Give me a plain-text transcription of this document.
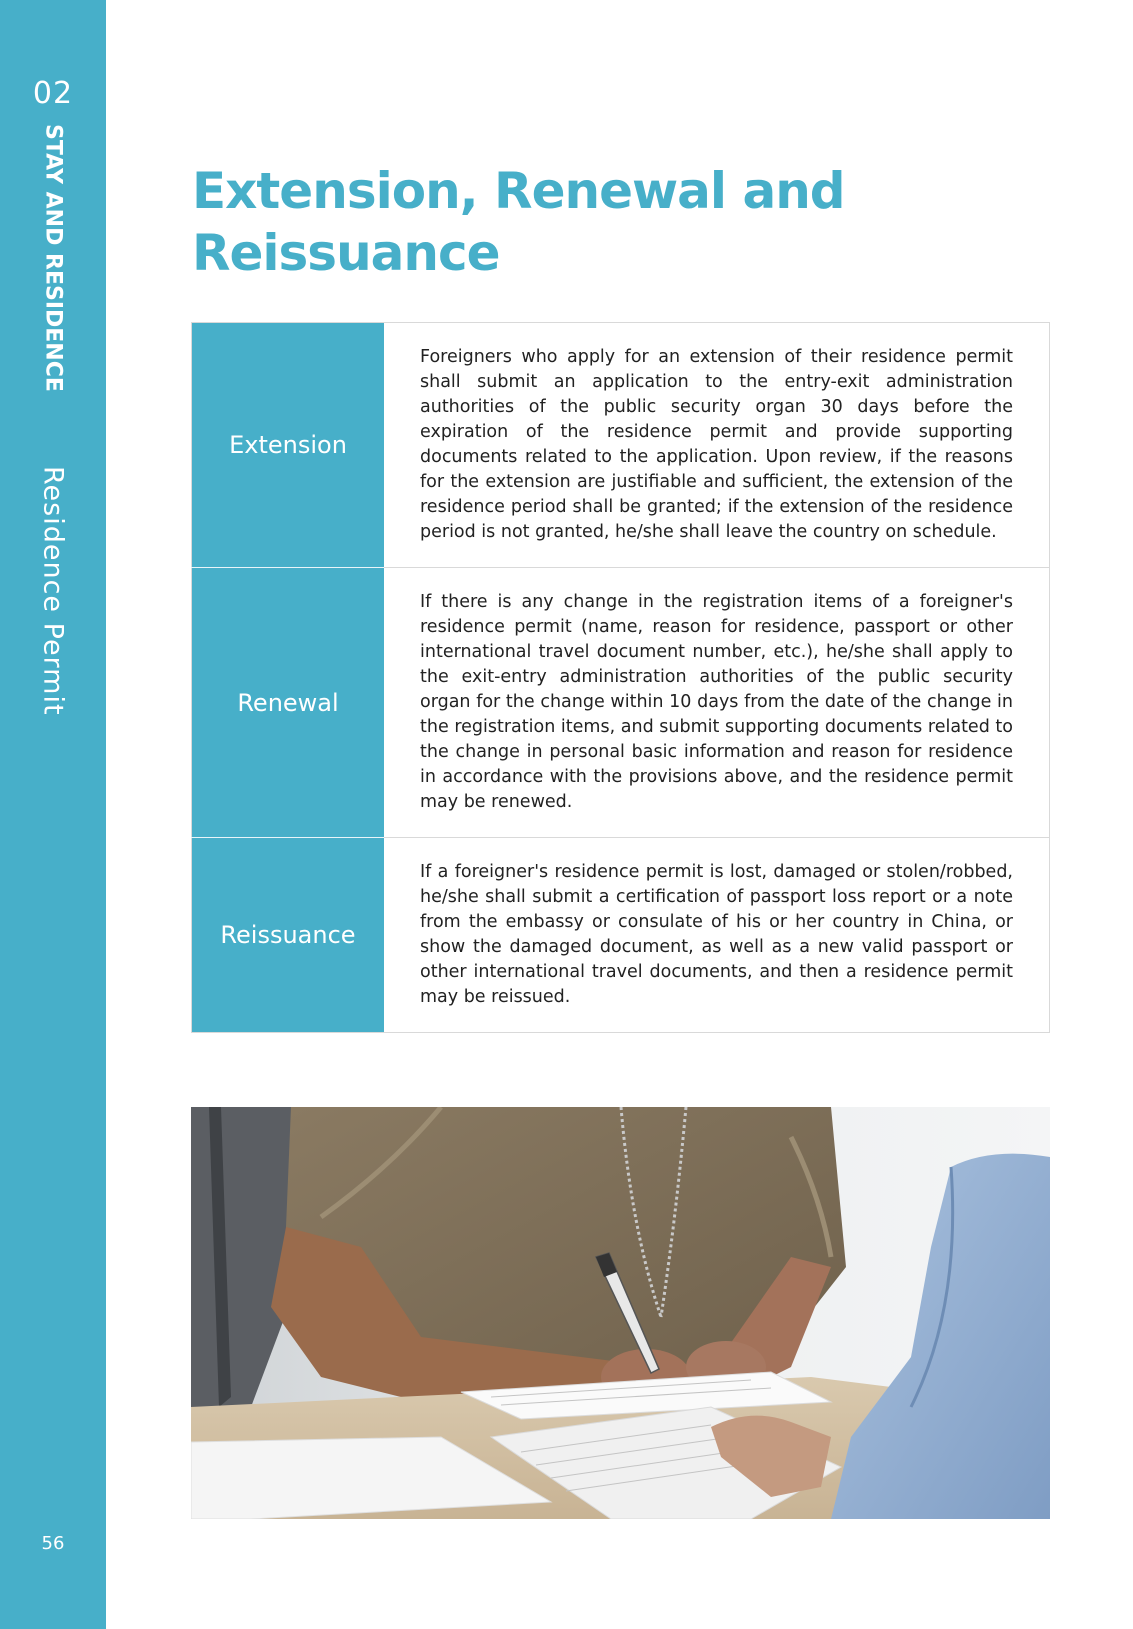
02
STAY AND RESIDENCE
Residence Permit
56
Extension, Renewal and
Reissuance
Extension	Foreigners who apply for an extension of their residence permit shall submit an application to the entry-exit administration authorities of the public security organ 30 days before the expiration of the residence permit and provide supporting documents related to the application. Upon review, if the reasons for the extension are justifiable and sufficient, the extension of the residence period shall be granted; if the extension of the residence period is not granted, he/she shall leave the country on schedule.
Renewal	If there is any change in the registration items of a foreigner's residence permit (name, reason for residence, passport or other international travel document number, etc.), he/she shall apply to the exit-entry administration authorities of the public security organ for the change within 10 days from the date of the change in the registration items, and submit supporting documents related to the change in personal basic information and reason for residence in accordance with the provisions above, and the residence permit may be renewed.
Reissuance	If a foreigner's residence permit is lost, damaged or stolen/robbed, he/she shall submit a certification of passport loss report or a note from the embassy or consulate of his or her country in China, or show the damaged document, as well as a new valid passport or other international travel documents, and then a residence permit may be reissued.
